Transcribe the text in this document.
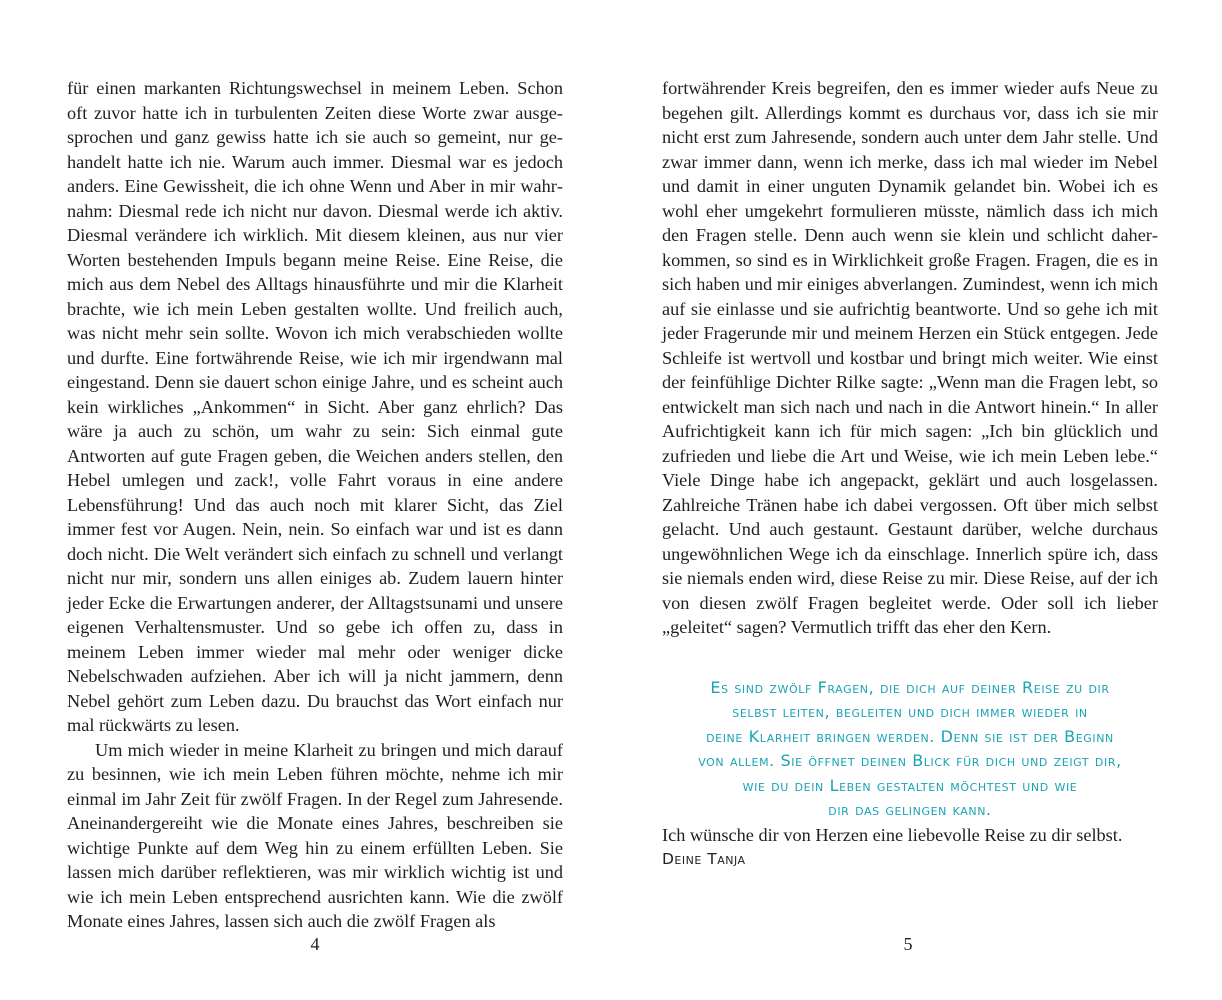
für einen markanten Richtungswechsel in meinem Leben. Schon oft zuvor hatte ich in turbulenten Zeiten diese Worte zwar ausgesprochen und ganz gewiss hatte ich sie auch so gemeint, nur gehandelt hatte ich nie. Warum auch immer. Diesmal war es jedoch anders. Eine Gewissheit, die ich ohne Wenn und Aber in mir wahrnahm: Diesmal rede ich nicht nur davon. Diesmal werde ich aktiv. Diesmal verändere ich wirklich. Mit diesem kleinen, aus nur vier Worten bestehenden Impuls begann meine Reise. Eine Reise, die mich aus dem Nebel des Alltags hinausführte und mir die Klarheit brachte, wie ich mein Leben gestalten wollte. Und freilich auch, was nicht mehr sein sollte. Wovon ich mich verabschieden wollte und durfte. Eine fortwährende Reise, wie ich mir irgendwann mal eingestand. Denn sie dauert schon einige Jahre, und es scheint auch kein wirkliches „Ankommen“ in Sicht. Aber ganz ehrlich? Das wäre ja auch zu schön, um wahr zu sein: Sich einmal gute Antworten auf gute Fragen geben, die Weichen anders stellen, den Hebel umlegen und zack!, volle Fahrt voraus in eine andere Lebensführung! Und das auch noch mit klarer Sicht, das Ziel immer fest vor Augen. Nein, nein. So einfach war und ist es dann doch nicht. Die Welt verändert sich einfach zu schnell und verlangt nicht nur mir, sondern uns allen einiges ab. Zudem lauern hinter jeder Ecke die Erwartungen anderer, der Alltagstsunami und unsere eigenen Verhaltensmuster. Und so gebe ich offen zu, dass in meinem Leben immer wieder mal mehr oder weniger dicke Nebelschwaden aufziehen. Aber ich will ja nicht jammern, denn Nebel gehört zum Leben dazu. Du brauchst das Wort einfach nur mal rückwärts zu lesen.

Um mich wieder in meine Klarheit zu bringen und mich darauf zu besinnen, wie ich mein Leben führen möchte, nehme ich mir einmal im Jahr Zeit für zwölf Fragen. In der Regel zum Jahresende. Aneinandergereiht wie die Monate eines Jahres, beschreiben sie wichtige Punkte auf dem Weg hin zu einem erfüllten Leben. Sie lassen mich darüber reflektieren, was mir wirklich wichtig ist und wie ich mein Leben entsprechend ausrichten kann. Wie die zwölf Monate eines Jahres, lassen sich auch die zwölf Fragen als

fortwährender Kreis begreifen, den es immer wieder aufs Neue zu begehen gilt. Allerdings kommt es durchaus vor, dass ich sie mir nicht erst zum Jahresende, sondern auch unter dem Jahr stelle. Und zwar immer dann, wenn ich merke, dass ich mal wieder im Nebel und damit in einer unguten Dynamik gelandet bin. Wobei ich es wohl eher umgekehrt formulieren müsste, nämlich dass ich mich den Fragen stelle. Denn auch wenn sie klein und schlicht daherkommen, so sind es in Wirklichkeit große Fragen. Fragen, die es in sich haben und mir einiges abverlangen. Zumindest, wenn ich mich auf sie einlasse und sie aufrichtig beantworte. Und so gehe ich mit jeder Fragerunde mir und meinem Herzen ein Stück entgegen. Jede Schleife ist wertvoll und kostbar und bringt mich weiter. Wie einst der feinfühlige Dichter Rilke sagte: „Wenn man die Fragen lebt, so entwickelt man sich nach und nach in die Antwort hinein.“ In aller Aufrichtigkeit kann ich für mich sagen: „Ich bin glücklich und zufrieden und liebe die Art und Weise, wie ich mein Leben lebe.“ Viele Dinge habe ich angepackt, geklärt und auch losgelassen. Zahlreiche Tränen habe ich dabei vergossen. Oft über mich selbst gelacht. Und auch gestaunt. Gestaunt darüber, welche durchaus ungewöhnlichen Wege ich da einschlage. Innerlich spüre ich, dass sie niemals enden wird, diese Reise zu mir. Diese Reise, auf der ich von diesen zwölf Fragen begleitet werde. Oder soll ich lieber „geleitet“ sagen? Vermutlich trifft das eher den Kern.

Es sind zwölf Fragen, die dich auf deiner Reise zu dir
selbst leiten, begleiten und dich immer wieder in
deine Klarheit bringen werden. Denn sie ist der Beginn
von allem. Sie öffnet deinen Blick für dich und zeigt dir,
wie du dein Leben gestalten möchtest und wie
dir das gelingen kann.

Ich wünsche dir von Herzen eine liebevolle Reise zu dir selbst.

Deine Tanja

4	5
